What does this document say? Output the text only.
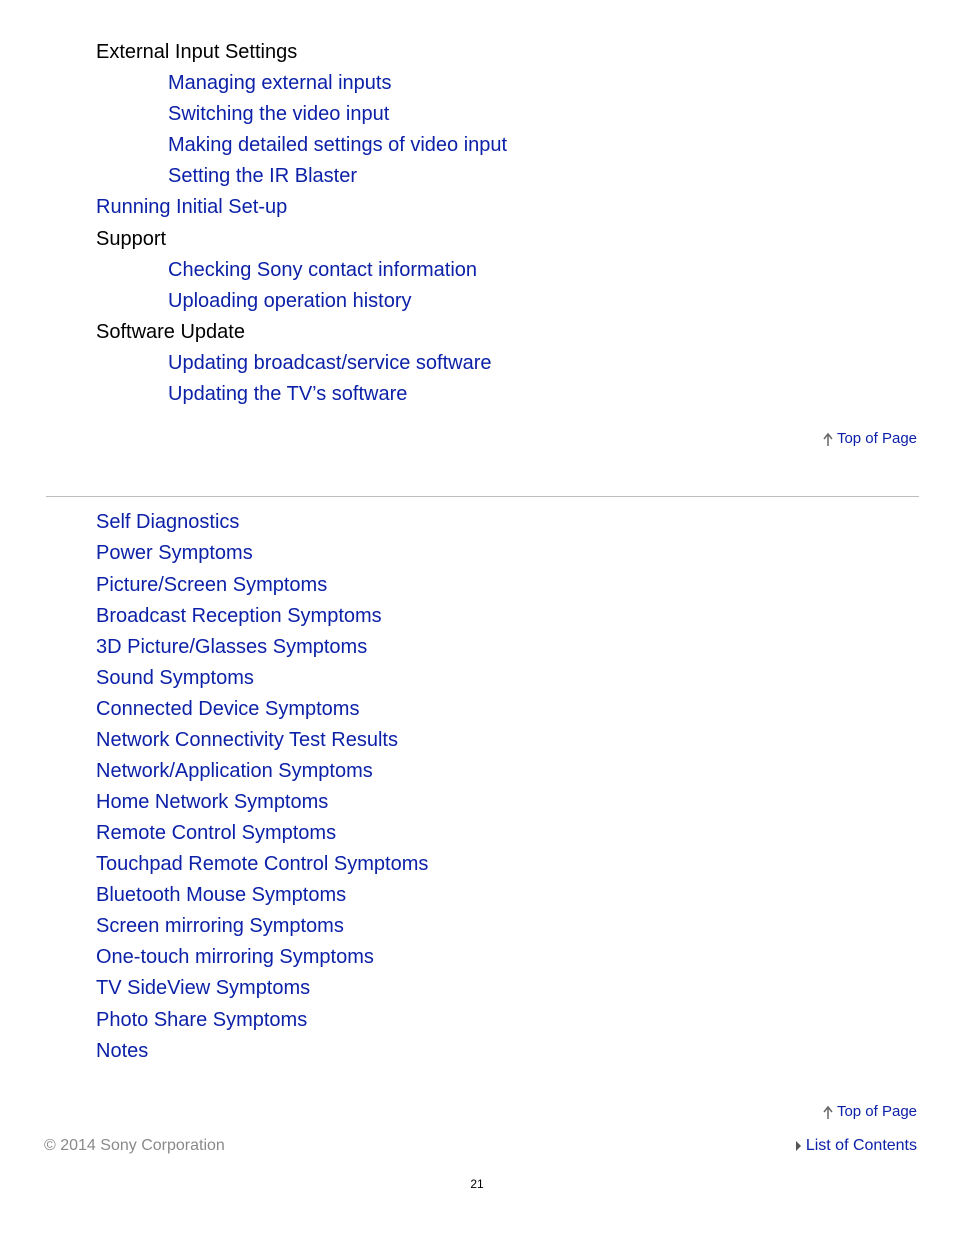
External Input Settings
Managing external inputs
Switching the video input
Making detailed settings of video input
Setting the IR Blaster
Running Initial Set-up
Support
Checking Sony contact information
Uploading operation history
Software Update
Updating broadcast/service software
Updating the TV’s software
Top of Page
Self Diagnostics
Power Symptoms
Picture/Screen Symptoms
Broadcast Reception Symptoms
3D Picture/Glasses Symptoms
Sound Symptoms
Connected Device Symptoms
Network Connectivity Test Results
Network/Application Symptoms
Home Network Symptoms
Remote Control Symptoms
Touchpad Remote Control Symptoms
Bluetooth Mouse Symptoms
Screen mirroring Symptoms
One-touch mirroring Symptoms
TV SideView Symptoms
Photo Share Symptoms
Notes
Top of Page
© 2014 Sony Corporation	List of Contents
21
